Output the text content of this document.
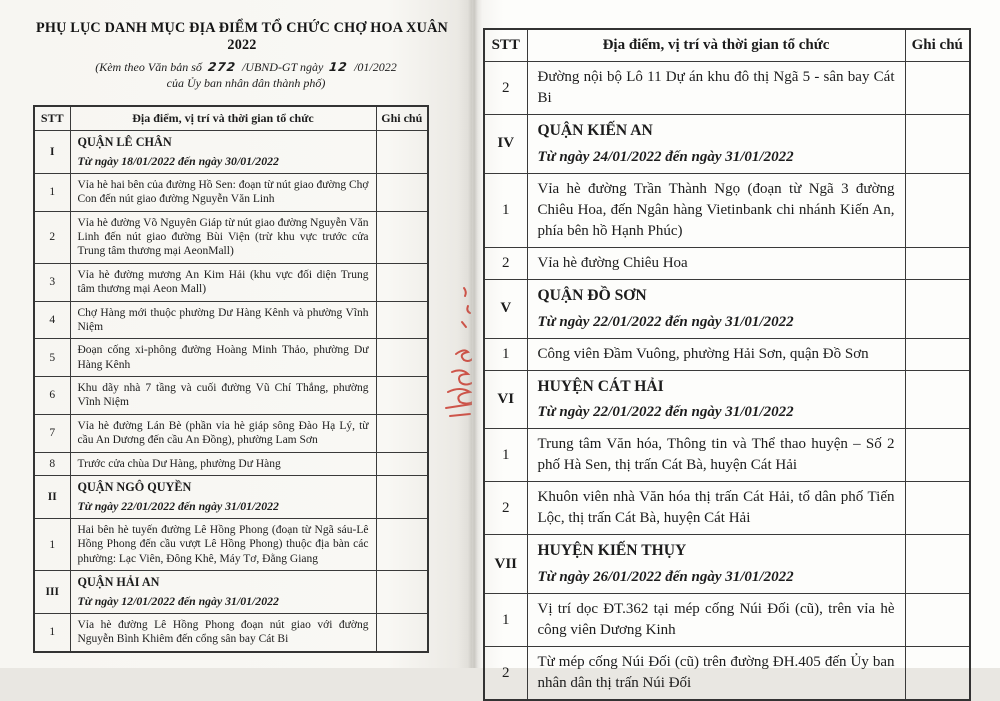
PHỤ LỤC DANH MỤC ĐỊA ĐIỂM TỔ CHỨC CHỢ HOA XUÂN 2022
(Kèm theo Văn bản số 272 /UBND-GT ngày 12 /01/2022
của Ủy ban nhân dân thành phố)
STT	Địa điểm, vị trí và thời gian tổ chức	Ghi chú
I	QUẬN LÊ CHÂN
Từ ngày 18/01/2022 đến ngày 30/01/2022	

1	Vỉa hè hai bên của đường Hồ Sen: đoạn từ nút giao đường Chợ Con đến nút giao đường Nguyễn Văn Linh	
2	Vỉa hè đường Võ Nguyên Giáp từ nút giao đường Nguyễn Văn Linh đến nút giao đường Bùi Viện (trừ khu vực trước cửa Trung tâm thương mại AeonMall)	
3	Vỉa hè đường mương An Kim Hải (khu vực đối diện Trung tâm thương mại Aeon Mall)	
4	Chợ Hàng mới thuộc phường Dư Hàng Kênh và phường Vĩnh Niệm	
5	Đoạn cống xi-phông đường Hoàng Minh Thảo, phường Dư Hàng Kênh	
6	Khu dãy nhà 7 tầng và cuối đường Vũ Chí Thắng, phường Vĩnh Niệm	
7	Vỉa hè đường Lán Bè (phần vỉa hè giáp sông Đào Hạ Lý, từ cầu An Dương đến cầu An Đồng), phường Lam Sơn	
8	Trước cửa chùa Dư Hàng, phường Dư Hàng	
II	QUẬN NGÔ QUYỀN
Từ ngày 22/01/2022 đến ngày 31/01/2022	

1	Hai bên hè tuyến đường Lê Hồng Phong (đoạn từ Ngã sáu-Lê Hồng Phong đến cầu vượt Lê Hồng Phong) thuộc địa bàn các phường: Lạc Viên, Đông Khê, Máy Tơ, Đằng Giang	
III	QUẬN HẢI AN
Từ ngày 12/01/2022 đến ngày 31/01/2022	

1	Vỉa hè đường Lê Hồng Phong đoạn nút giao với đường Nguyễn Bình Khiêm đến cổng sân bay Cát Bi	
STT	Địa điểm, vị trí và thời gian tổ chức	Ghi chú
2	Đường nội bộ Lô 11 Dự án khu đô thị Ngã 5 - sân bay Cát Bi	
IV	QUẬN KIẾN AN
Từ ngày 24/01/2022 đến ngày 31/01/2022	

1	Vỉa hè đường Trần Thành Ngọ (đoạn từ Ngã 3 đường Chiêu Hoa, đến Ngân hàng Vietinbank chi nhánh Kiến An, phía bên hồ Hạnh Phúc)	
2	Vỉa hè đường Chiêu Hoa	
V	QUẬN ĐỒ SƠN
Từ ngày 22/01/2022 đến ngày 31/01/2022	

1	Công viên Đầm Vuông, phường Hải Sơn, quận Đồ Sơn	
VI	HUYỆN CÁT HẢI
Từ ngày 22/01/2022 đến ngày 31/01/2022	

1	Trung tâm Văn hóa, Thông tin và Thể thao huyện – Số 2 phố Hà Sen, thị trấn Cát Bà, huyện Cát Hải	
2	Khuôn viên nhà Văn hóa thị trấn Cát Hải, tổ dân phố Tiến Lộc, thị trấn Cát Bà, huyện Cát Hải	
VII	HUYỆN KIẾN THỤY
Từ ngày 26/01/2022 đến ngày 31/01/2022	

1	Vị trí dọc ĐT.362 tại mép cống Núi Đối (cũ), trên vỉa hè công viên Dương Kinh	
2	Từ mép cống Núi Đối (cũ) trên đường ĐH.405 đến Ủy ban nhân dân thị trấn Núi Đối	
